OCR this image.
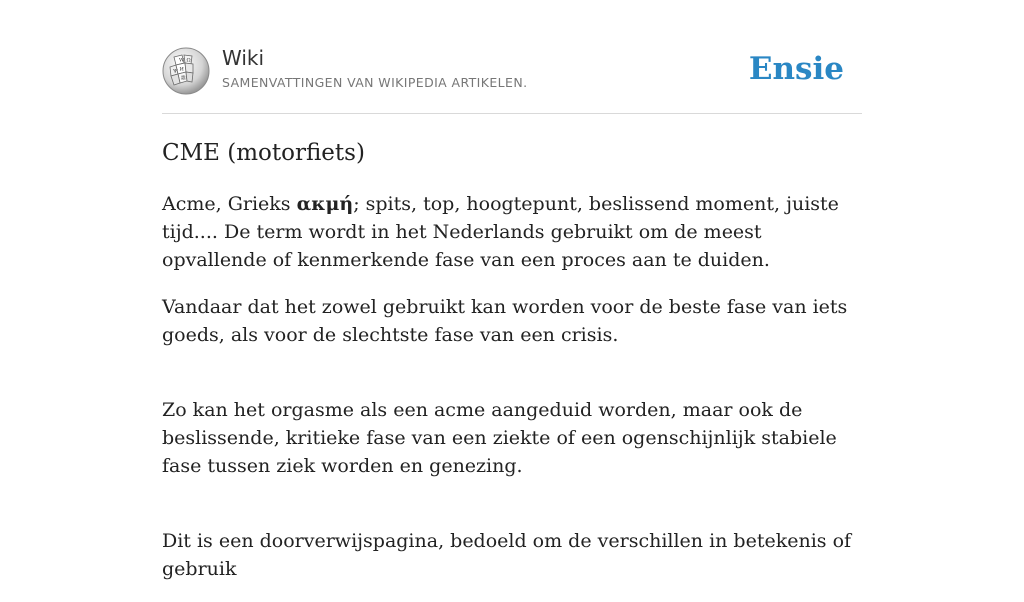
W Ω
И
Ѱ
維
Wiki
SAMENVATTINGEN VAN WIKIPEDIA ARTIKELEN.	Ensie
CME (motorfiets)

Acme, Grieks ακμή; spits, top, hoogtepunt, beslissend moment, juiste tijd.... De term wordt in het Nederlands gebruikt om de meest opvallende of kenmerkende fase van een proces aan te duiden.

Vandaar dat het zowel gebruikt kan worden voor de beste fase van iets goeds, als voor de slechtste fase van een crisis.

Zo kan het orgasme als een acme aangeduid worden, maar ook de beslissende, kritieke fase van een ziekte of een ogenschijnlijk stabiele fase tussen ziek worden en genezing.

Dit is een doorverwijspagina, bedoeld om de verschillen in betekenis of gebruik
